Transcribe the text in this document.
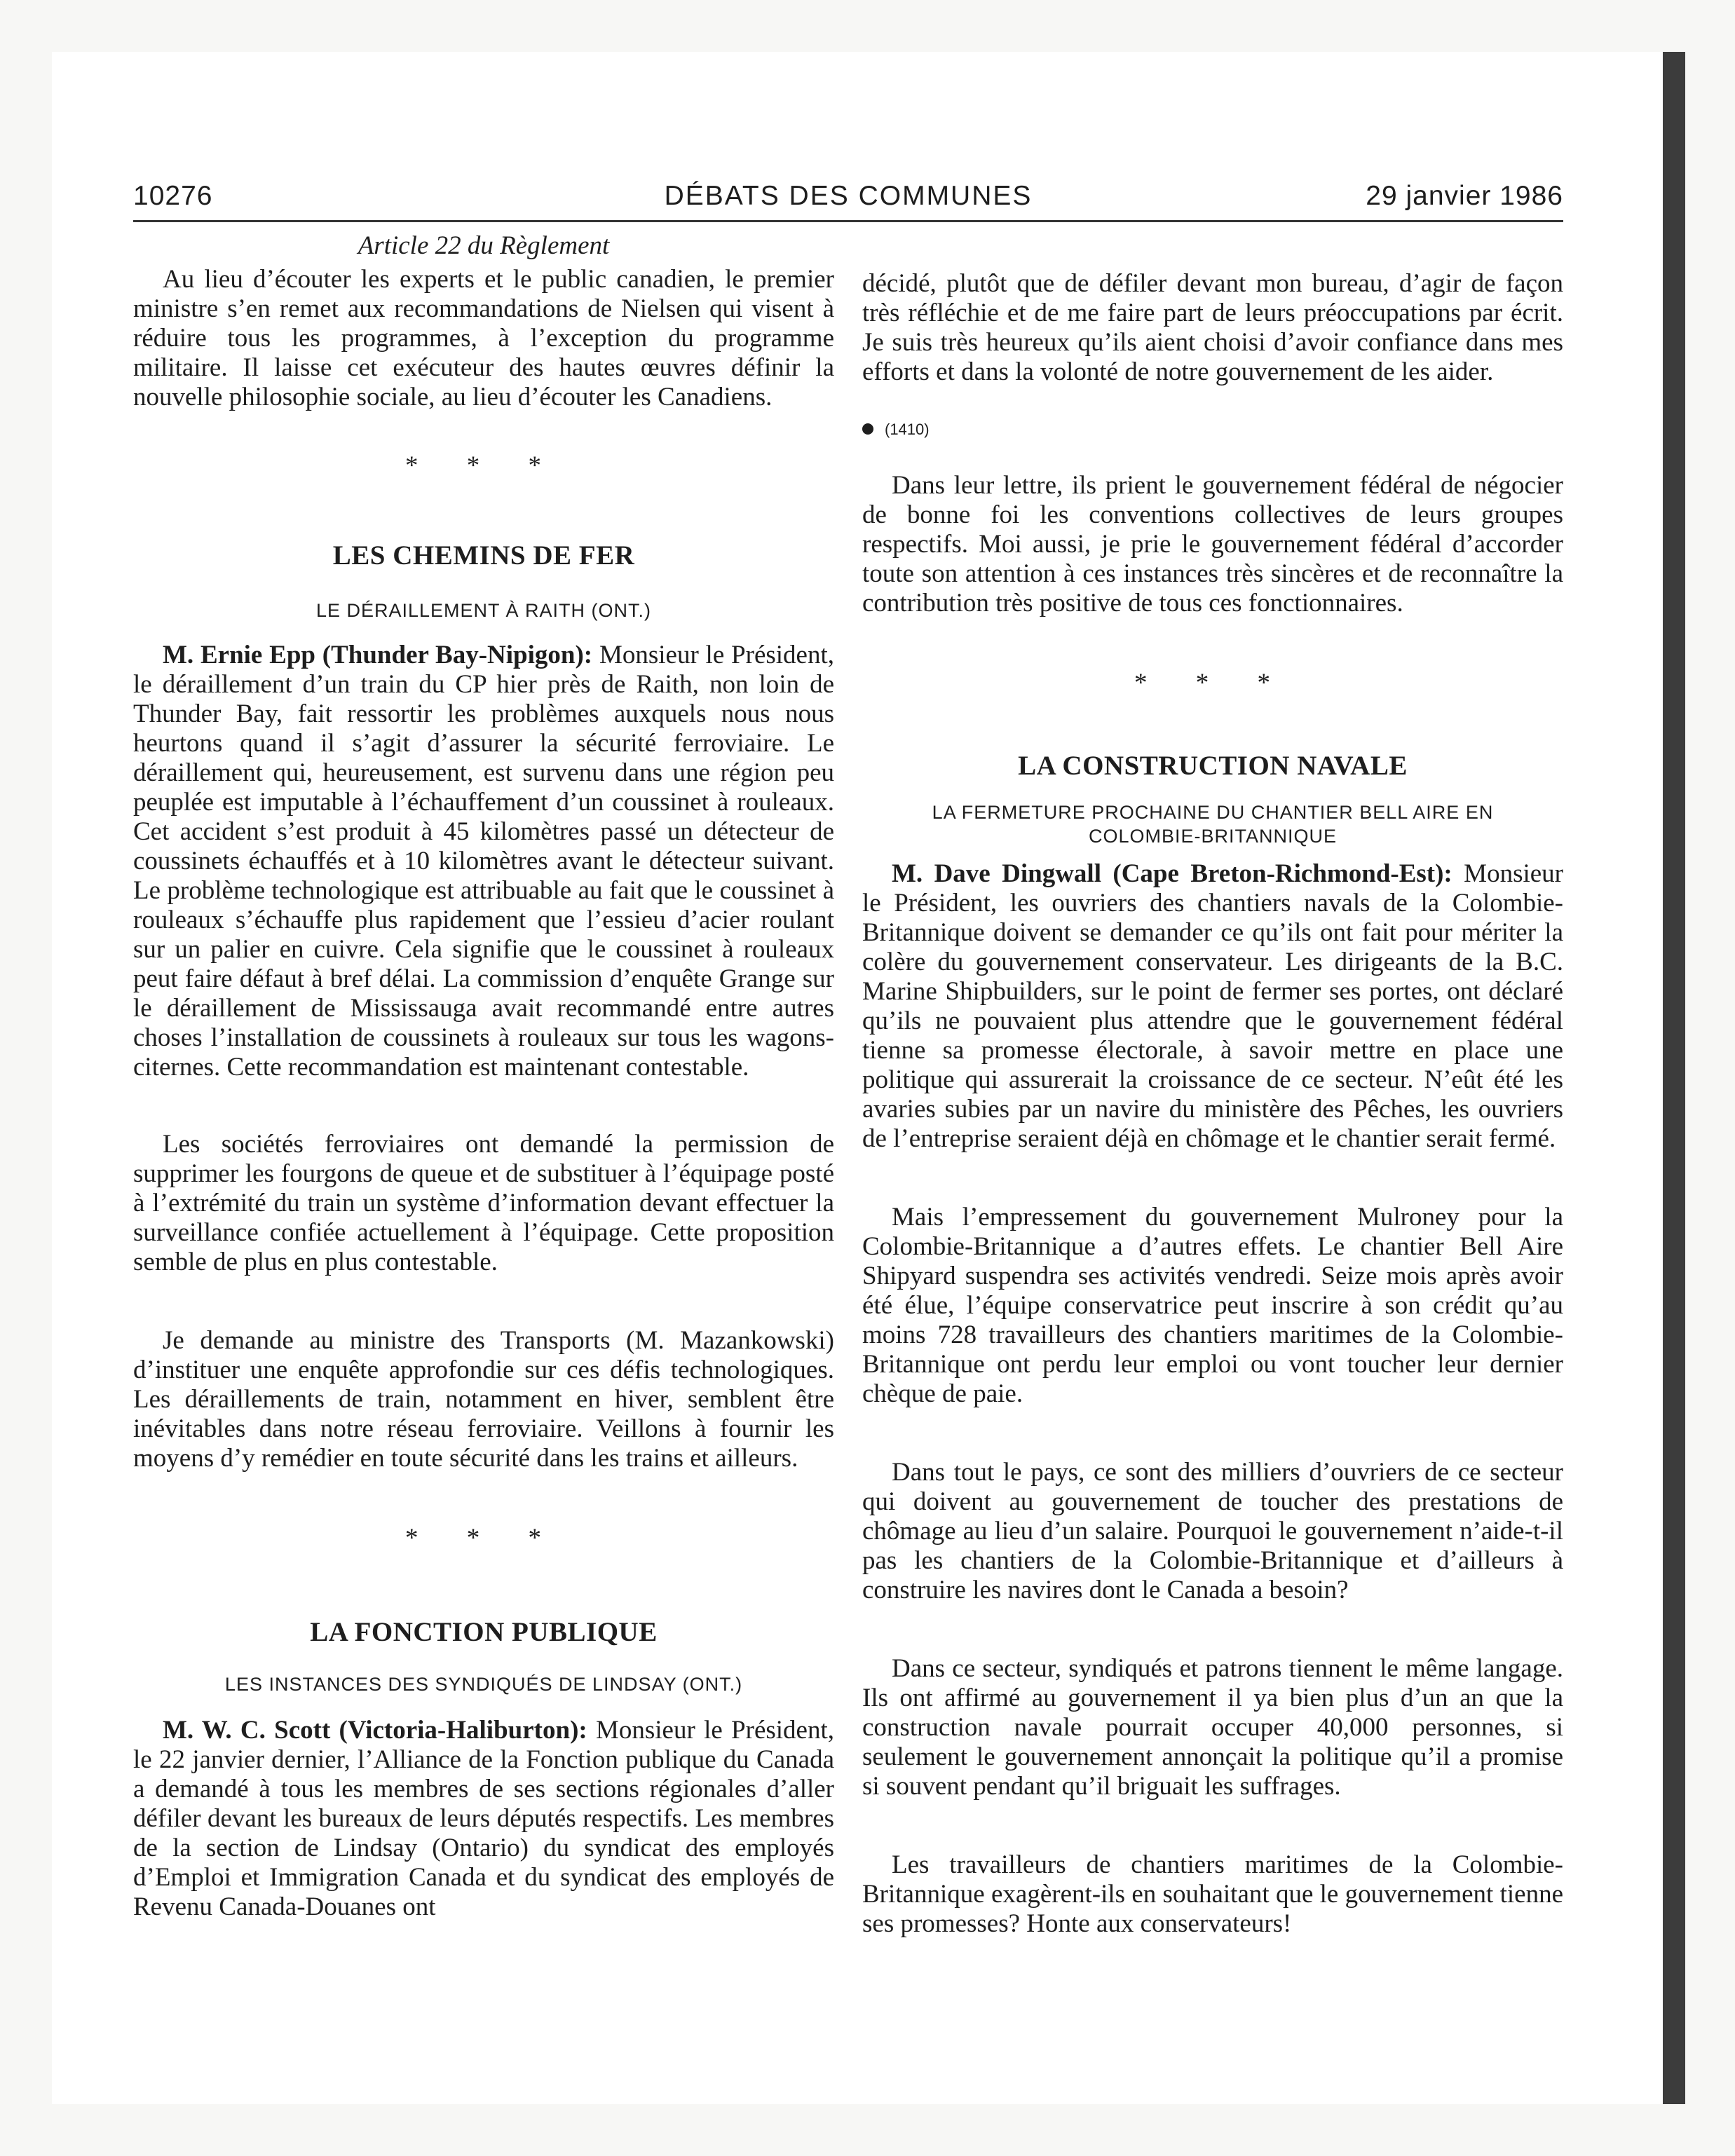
DÉBATS DES COMMUNES
10276	29 janvier 1986
Article 22 du Règlement

Au lieu d’écouter les experts et le public canadien, le premier ministre s’en remet aux recommandations de Nielsen qui visent à réduire tous les programmes, à l’exception du programme militaire. Il laisse cet exécuteur des hautes œuvres définir la nouvelle philosophie sociale, au lieu d’écouter les Canadiens.

* * *
LES CHEMINS DE FER
LE DÉRAILLEMENT À RAITH (ONT.)

M. Ernie Epp (Thunder Bay-Nipigon): Monsieur le Président, le déraillement d’un train du CP hier près de Raith, non loin de Thunder Bay, fait ressortir les problèmes auxquels nous nous heurtons quand il s’agit d’assurer la sécurité ferroviaire. Le déraillement qui, heureusement, est survenu dans une région peu peuplée est imputable à l’échauffement d’un coussinet à rouleaux. Cet accident s’est produit à 45 kilomètres passé un détecteur de coussinets échauffés et à 10 kilomètres avant le détecteur suivant. Le problème technologique est attribuable au fait que le coussinet à rouleaux s’échauffe plus rapidement que l’essieu d’acier roulant sur un palier en cuivre. Cela signifie que le coussinet à rouleaux peut faire défaut à bref délai. La commission d’enquête Grange sur le déraillement de Mississauga avait recommandé entre autres choses l’installation de coussinets à rouleaux sur tous les wagons-citernes. Cette recommandation est maintenant contestable.

Les sociétés ferroviaires ont demandé la permission de supprimer les fourgons de queue et de substituer à l’équipage posté à l’extrémité du train un système d’information devant effectuer la surveillance confiée actuellement à l’équipage. Cette proposition semble de plus en plus contestable.

Je demande au ministre des Transports (M. Mazankowski) d’instituer une enquête approfondie sur ces défis technologiques. Les déraillements de train, notamment en hiver, semblent être inévitables dans notre réseau ferroviaire. Veillons à fournir les moyens d’y remédier en toute sécurité dans les trains et ailleurs.

* * *
LA FONCTION PUBLIQUE
LES INSTANCES DES SYNDIQUÉS DE LINDSAY (ONT.)

M. W. C. Scott (Victoria-Haliburton): Monsieur le Président, le 22 janvier dernier, l’Alliance de la Fonction publique du Canada a demandé à tous les membres de ses sections régionales d’aller défiler devant les bureaux de leurs députés respectifs. Les membres de la section de Lindsay (Ontario) du syndicat des employés d’Emploi et Immigration Canada et du syndicat des employés de Revenu Canada-Douanes ont

décidé, plutôt que de défiler devant mon bureau, d’agir de façon très réfléchie et de me faire part de leurs préoccupations par écrit. Je suis très heureux qu’ils aient choisi d’avoir confiance dans mes efforts et dans la volonté de notre gouvernement de les aider.

(1410)

Dans leur lettre, ils prient le gouvernement fédéral de négocier de bonne foi les conventions collectives de leurs groupes respectifs. Moi aussi, je prie le gouvernement fédéral d’accorder toute son attention à ces instances très sincères et de reconnaître la contribution très positive de tous ces fonctionnaires.

* * *
LA CONSTRUCTION NAVALE
LA FERMETURE PROCHAINE DU CHANTIER BELL AIRE EN COLOMBIE-BRITANNIQUE

M. Dave Dingwall (Cape Breton-Richmond-Est): Monsieur le Président, les ouvriers des chantiers navals de la Colombie-Britannique doivent se demander ce qu’ils ont fait pour mériter la colère du gouvernement conservateur. Les dirigeants de la B.C. Marine Shipbuilders, sur le point de fermer ses portes, ont déclaré qu’ils ne pouvaient plus attendre que le gouvernement fédéral tienne sa promesse électorale, à savoir mettre en place une politique qui assurerait la croissance de ce secteur. N’eût été les avaries subies par un navire du ministère des Pêches, les ouvriers de l’entreprise seraient déjà en chômage et le chantier serait fermé.

Mais l’empressement du gouvernement Mulroney pour la Colombie-Britannique a d’autres effets. Le chantier Bell Aire Shipyard suspendra ses activités vendredi. Seize mois après avoir été élue, l’équipe conservatrice peut inscrire à son crédit qu’au moins 728 travailleurs des chantiers maritimes de la Colombie-Britannique ont perdu leur emploi ou vont toucher leur dernier chèque de paie.

Dans tout le pays, ce sont des milliers d’ouvriers de ce secteur qui doivent au gouvernement de toucher des prestations de chômage au lieu d’un salaire. Pourquoi le gouvernement n’aide-t-il pas les chantiers de la Colombie-Britannique et d’ailleurs à construire les navires dont le Canada a besoin?

Dans ce secteur, syndiqués et patrons tiennent le même langage. Ils ont affirmé au gouvernement il ya bien plus d’un an que la construction navale pourrait occuper 40,000 personnes, si seulement le gouvernement annonçait la politique qu’il a promise si souvent pendant qu’il briguait les suffrages.

Les travailleurs de chantiers maritimes de la Colombie-Britannique exagèrent-ils en souhaitant que le gouvernement tienne ses promesses? Honte aux conservateurs!
